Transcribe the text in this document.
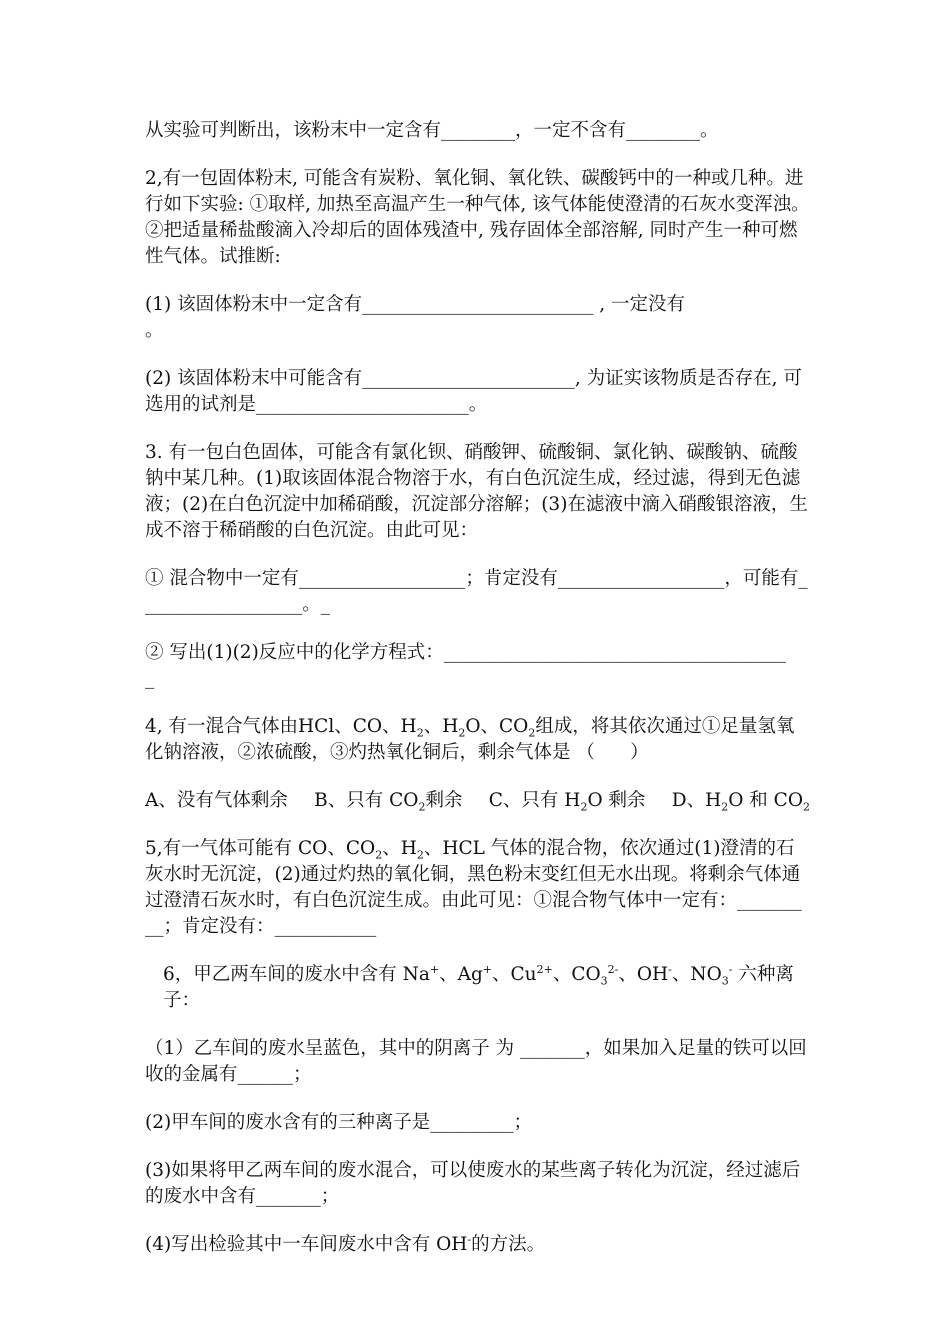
从实验可判断出，该粉末中一定含有________，一定不含有________。

2,有一包固体粉末, 可能含有炭粉、氧化铜、氧化铁、碳酸钙中的一种或几种。进行如下实验: ①取样, 加热至高温产生一种气体, 该气体能使澄清的石灰水变浑浊。②把适量稀盐酸滴入冷却后的固体残渣中, 残存固体全部溶解, 同时产生一种可燃性气体。试推断:

(1) 该固体粉末中一定含有_________________________ , 一定没有
。

(2) 该固体粉末中可能含有_______________________, 为证实该物质是否存在, 可选用的试剂是_______________________。

3. 有一包白色固体，可能含有氯化钡、硝酸钾、硫酸铜、氯化钠、碳酸钠、硫酸钠中某几种。(1)取该固体混合物溶于水，有白色沉淀生成，经过滤，得到无色滤液；(2)在白色沉淀中加稀硝酸，沉淀部分溶解；(3)在滤液中滴入硝酸银溶液，生成不溶于稀硝酸的白色沉淀。由此可见：

① 混合物中一定有__________________；肯定没有__________________，可能有__________________。_

② 写出(1)(2)反应中的化学方程式：_____________________________________
_

4, 有一混合气体由HCl、CO、$H_2$、$H_2O$、$CO_2$组成，将其依次通过①足量氢氧化钠溶液，②浓硫酸，③灼热氧化铜后，剩余气体是 （      ）

A、没有气体剩余 B、只有 $CO_2$剩余 C、只有 $H_2O$ 剩余 D、$H_2O$ 和 $CO_2$

5,有一气体可能有 CO、$CO_2$、$H_2$、HCL 气体的混合物，依次通过(1)澄清的石灰水时无沉淀，(2)通过灼热的氧化铜，黑色粉末变红但无水出现。将剩余气体通过澄清石灰水时，有白色沉淀生成。由此可见：①混合物气体中一定有：_________；肯定没有：___________

6，甲乙两车间的废水中含有 Na+、Ag+、$Cu^{2+}$、$CO_3^{2-}$、OH-、$NO_3^-$ 六种离子：

（1）乙车间的废水呈蓝色，其中的阴离子 为 _______，如果加入足量的铁可以回收的金属有______；

(2)甲车间的废水含有的三种离子是_________；

(3)如果将甲乙两车间的废水混合，可以使废水的某些离子转化为沉淀，经过滤后的废水中含有_______；

(4)写出检验其中一车间废水中含有 OH-的方法。
